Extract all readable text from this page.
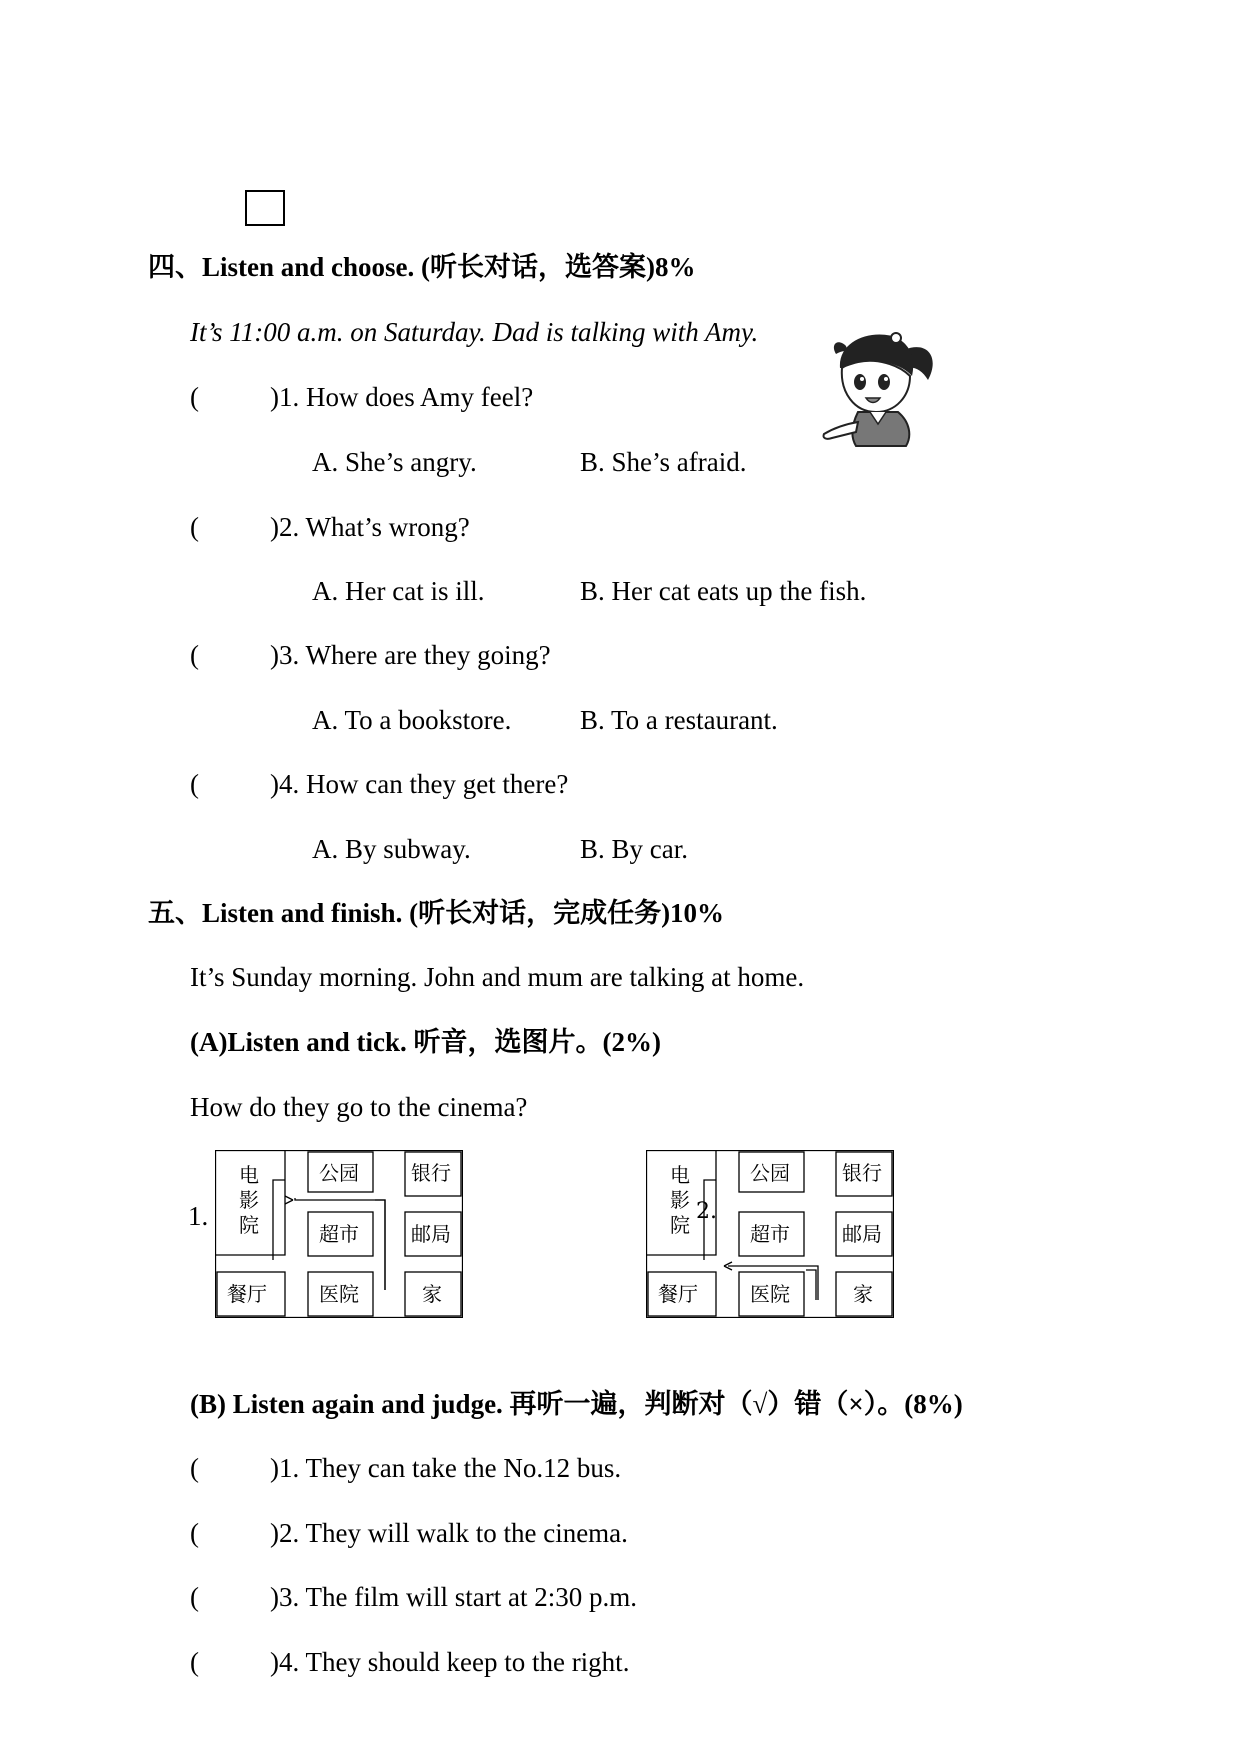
四、Listen and choose. (听长对话，选答案)8%
It’s 11:00 a.m. on Saturday. Dad is talking with Amy.
(	)1. How does Amy feel?
A. She’s angry.	B. She’s afraid.
(	)2. What’s wrong?
A. Her cat is ill.	B. Her cat eats up the fish.
(	)3. Where are they going?
A. To a bookstore.	B. To a restaurant.
(	)4. How can they get there?
A. By subway.	B. By car.
五、Listen and finish. (听长对话，完成任务)10%
It’s Sunday morning. John and mum are talking at home.
(A)Listen and tick. 听音，选图片。(2%)
How do they go to the cinema?
1.
电
影
院
公园	银行
超市	邮局
餐厅	医院	家
电
影
院
2.
公园	银行
超市	邮局
餐厅	医院	家
(B) Listen again and judge. 再听一遍，判断对（√）错（×）。(8%)
(	)1. They can take the No.12 bus.
(	)2. They will walk to the cinema.
(	)3. The film will start at 2:30 p.m.
(	)4. They should keep to the right.
